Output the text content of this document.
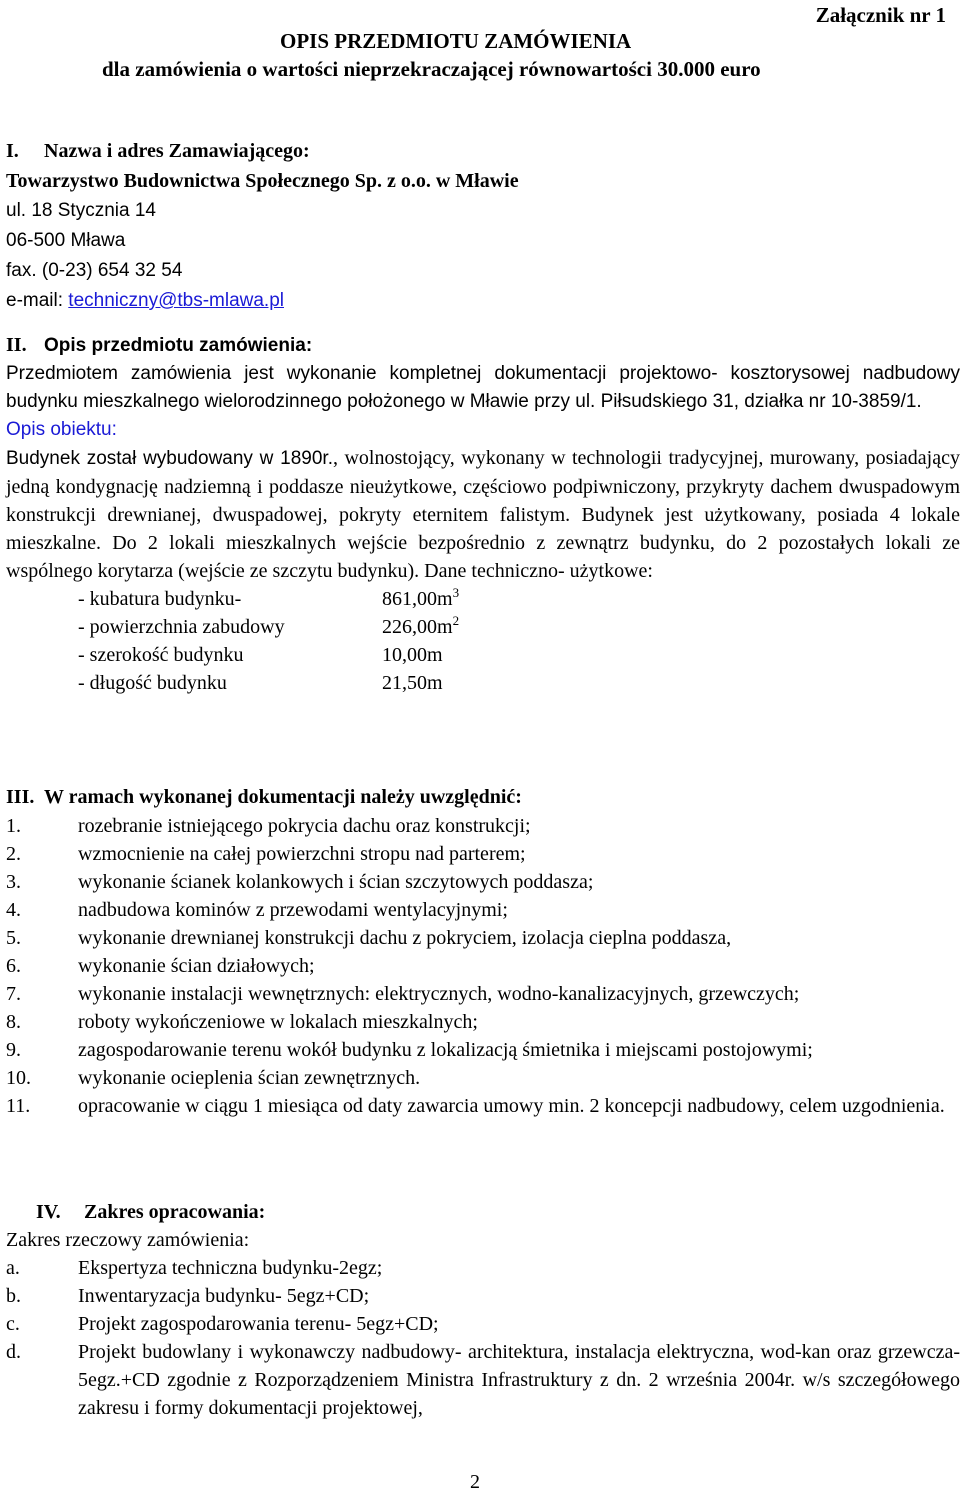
Załącznik nr 1
OPIS PRZEDMIOTU ZAMÓWIENIA
dla zamówienia o wartości nieprzekraczającej równowartości 30.000 euro
I. Nazwa i adres Zamawiającego:
Towarzystwo Budownictwa Społecznego Sp. z o.o. w Mławie
ul. 18 Stycznia 14
06-500 Mława
fax. (0-23) 654 32 54
e-mail: techniczny@tbs-mlawa.pl
II. Opis przedmiotu zamówienia:

Przedmiotem zamówienia jest wykonanie kompletnej dokumentacji projektowo- kosztorysowej nadbudowy budynku mieszkalnego wielorodzinnego położonego w Mławie przy ul. Piłsudskiego 31, działka nr 10-3859/1.

Opis obiektu:

Budynek został wybudowany w 1890r., wolnostojący, wykonany w technologii tradycyjnej, murowany, posiadający jedną kondygnację nadziemną i poddasze nieużytkowe, częściowo podpiwniczony, przykryty dachem dwuspadowym konstrukcji drewnianej, dwuspadowej, pokryty eternitem falistym. Budynek jest użytkowany, posiada 4 lokale mieszkalne. Do 2 lokali mieszkalnych wejście bezpośrednio z zewnątrz budynku, do 2 pozostałych lokali ze wspólnego korytarza (wejście ze szczytu budynku). Dane techniczno- użytkowe:

- kubatura budynku-	$861,00m^3$
- powierzchnia zabudowy	$226,00m^2$
- szerokość budynku	10,00m
- długość budynku	21,50m
III. W ramach wykonanej dokumentacji należy uwzględnić:
1.	rozebranie istniejącego pokrycia dachu oraz konstrukcji;
2.	wzmocnienie na całej powierzchni stropu nad parterem;
3.	wykonanie ścianek kolankowych i ścian szczytowych poddasza;
4.	nadbudowa kominów z przewodami wentylacyjnymi;
5.	wykonanie drewnianej konstrukcji dachu z pokryciem, izolacja cieplna poddasza,
6.	wykonanie ścian działowych;
7.	wykonanie instalacji wewnętrznych: elektrycznych, wodno-kanalizacyjnych, grzewczych;
8.	roboty wykończeniowe w lokalach mieszkalnych;
9.	zagospodarowanie terenu wokół budynku z lokalizacją śmietnika i miejscami postojowymi;
10.	wykonanie ocieplenia ścian zewnętrznych.
11.	opracowanie w ciągu 1 miesiąca od daty zawarcia umowy min. 2 koncepcji nadbudowy, celem uzgodnienia.
IV. Zakres opracowania:
Zakres rzeczowy zamówienia:
a.	Ekspertyza techniczna budynku-2egz;
b.	Inwentaryzacja budynku- 5egz+CD;
c.	Projekt zagospodarowania terenu- 5egz+CD;
d.	Projekt budowlany i wykonawczy nadbudowy- architektura, instalacja elektryczna, wod-kan oraz grzewcza- 5egz.+CD zgodnie z Rozporządzeniem Ministra Infrastruktury z dn. 2 września 2004r. w/s szczegółowego zakresu i formy dokumentacji projektowej,
2
